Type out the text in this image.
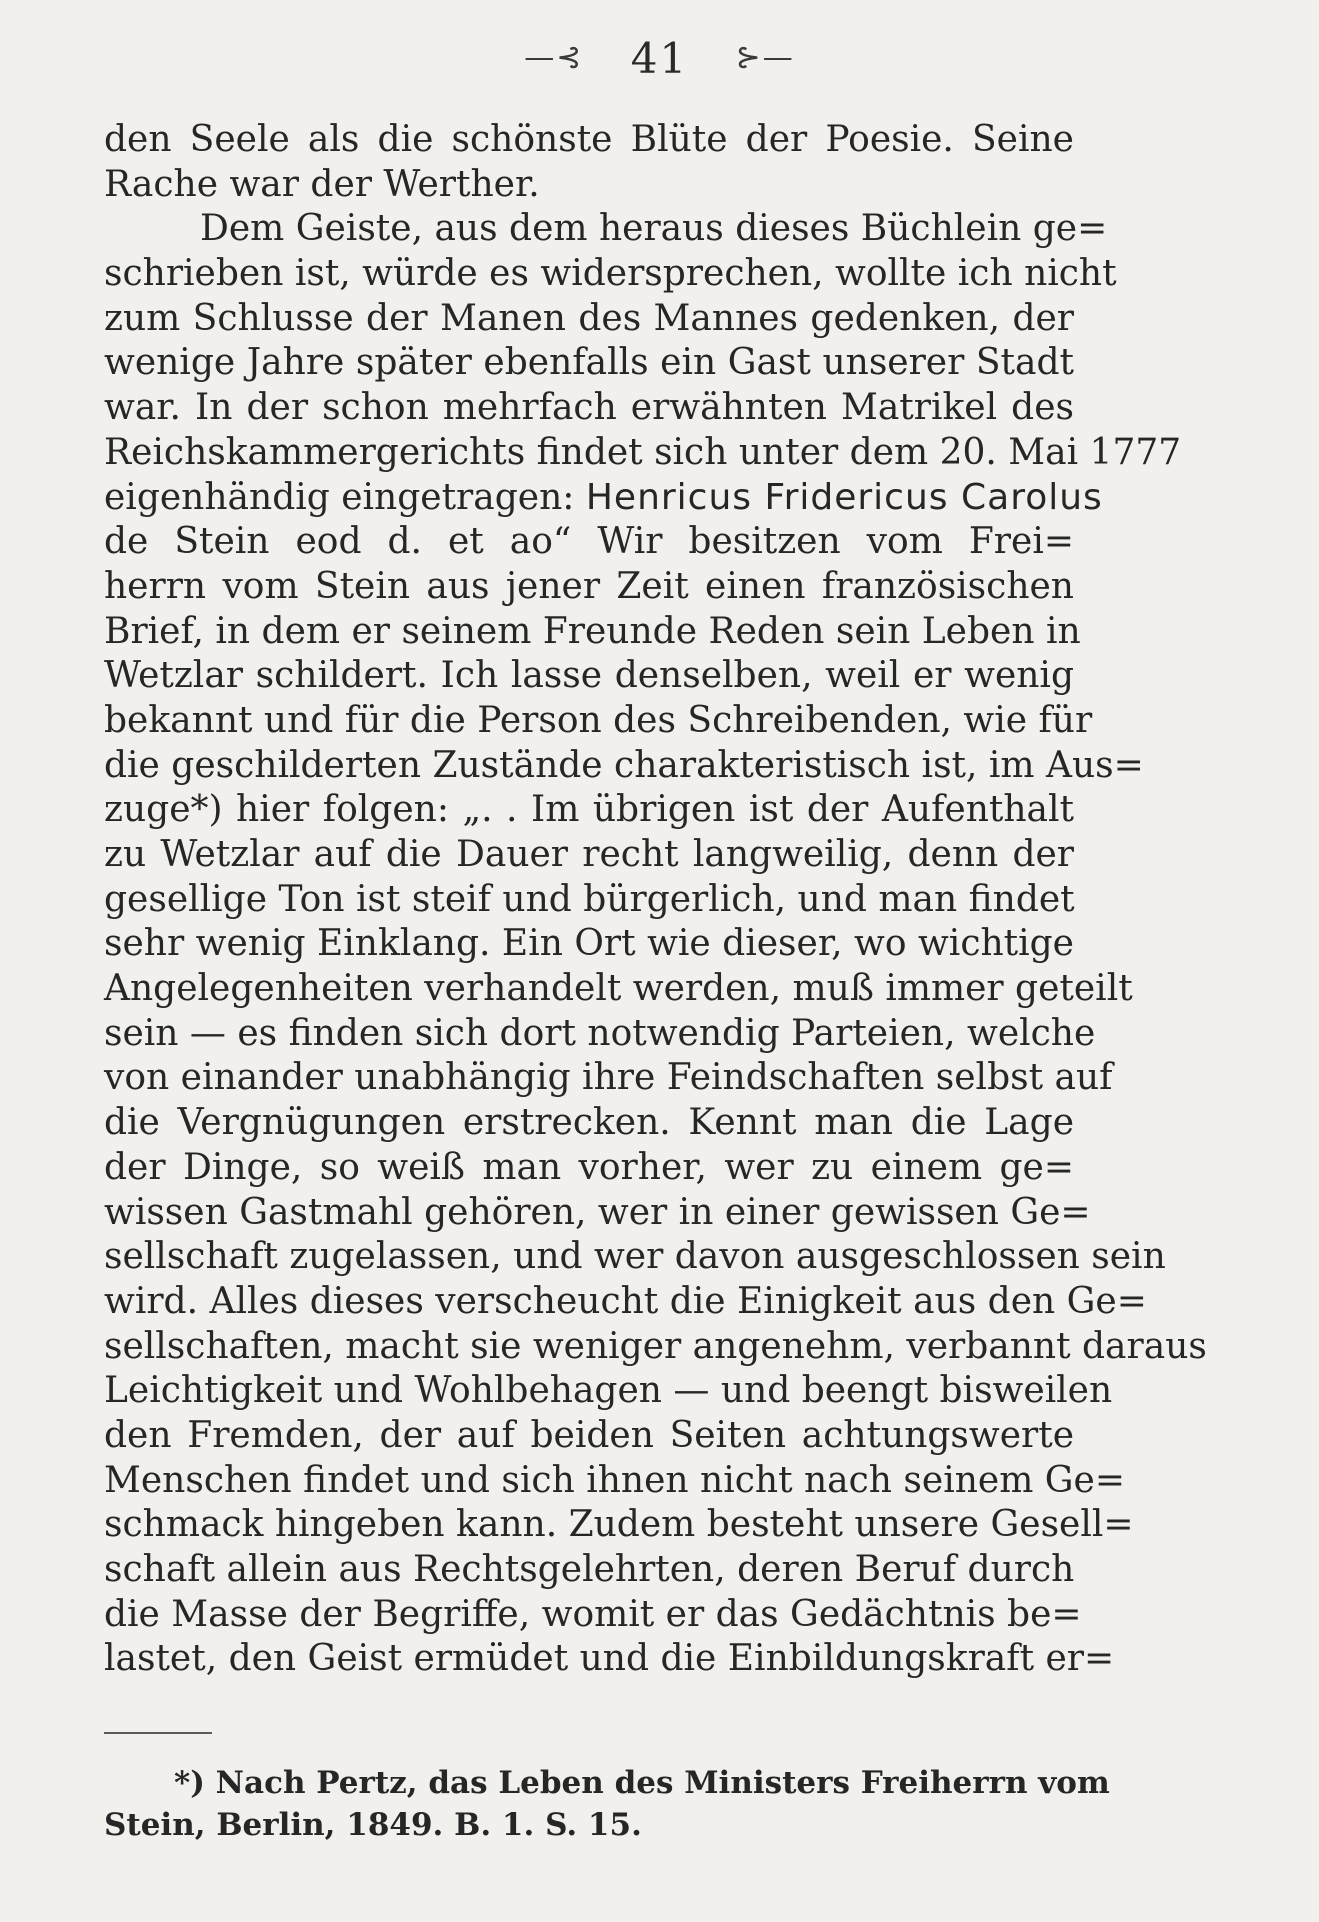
—⊰ 41 ⊱—
den Seele als die schönste Blüte der Poesie. Seine
Rache war der Werther.
Dem Geiste, aus dem heraus dieses Büchlein ge=
schrieben ist, würde es widersprechen, wollte ich nicht
zum Schlusse der Manen des Mannes gedenken, der
wenige Jahre später ebenfalls ein Gast unserer Stadt
war. In der schon mehrfach erwähnten Matrikel des
Reichskammergerichts findet sich unter dem 20. Mai 1777
eigenhändig eingetragen: Henricus Fridericus Carolus
de Stein eod d. et ao“ Wir besitzen vom Frei=
herrn vom Stein aus jener Zeit einen französischen
Brief, in dem er seinem Freunde Reden sein Leben in
Wetzlar schildert. Ich lasse denselben, weil er wenig
bekannt und für die Person des Schreibenden, wie für
die geschilderten Zustände charakteristisch ist, im Aus=
zuge*) hier folgen: „. . Im übrigen ist der Aufenthalt
zu Wetzlar auf die Dauer recht langweilig, denn der
gesellige Ton ist steif und bürgerlich, und man findet
sehr wenig Einklang. Ein Ort wie dieser, wo wichtige
Angelegenheiten verhandelt werden, muß immer geteilt
sein — es finden sich dort notwendig Parteien, welche
von einander unabhängig ihre Feindschaften selbst auf
die Vergnügungen erstrecken. Kennt man die Lage
der Dinge, so weiß man vorher, wer zu einem ge=
wissen Gastmahl gehören, wer in einer gewissen Ge=
sellschaft zugelassen, und wer davon ausgeschlossen sein
wird. Alles dieses verscheucht die Einigkeit aus den Ge=
sellschaften, macht sie weniger angenehm, verbannt daraus
Leichtigkeit und Wohlbehagen — und beengt bisweilen
den Fremden, der auf beiden Seiten achtungswerte
Menschen findet und sich ihnen nicht nach seinem Ge=
schmack hingeben kann. Zudem besteht unsere Gesell=
schaft allein aus Rechtsgelehrten, deren Beruf durch
die Masse der Begriffe, womit er das Gedächtnis be=
lastet, den Geist ermüdet und die Einbildungskraft er=
*) Nach Pertz, das Leben des Ministers Freiherrn vom
Stein, Berlin, 1849. B. 1. S. 15.
